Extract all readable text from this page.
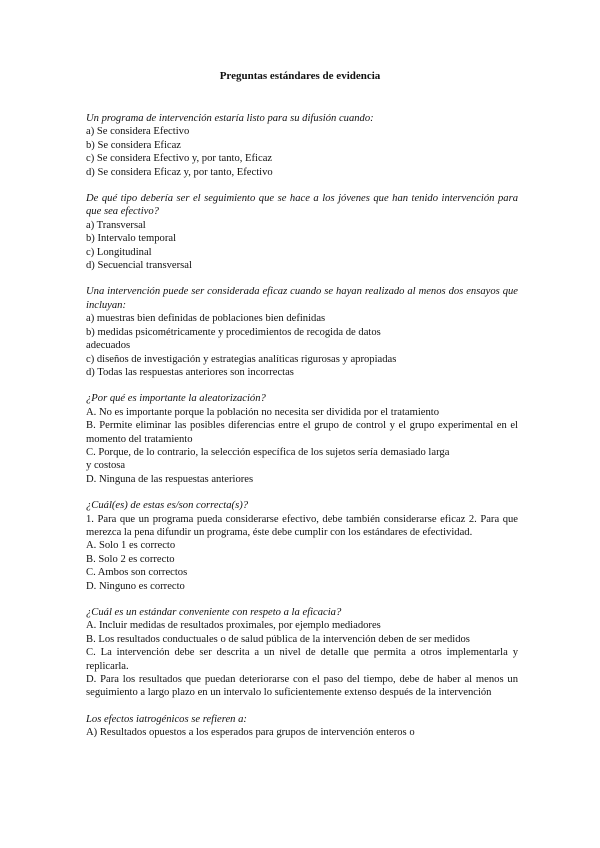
Preguntas estándares de evidencia
Un programa de intervención estaría listo para su difusión cuando:
a) Se considera Efectivo
b) Se considera Eficaz
c) Se considera Efectivo y, por tanto, Eficaz
d) Se considera Eficaz y, por tanto, Efectivo
De qué tipo debería ser el seguimiento que se hace a los jóvenes que han tenido intervención para que sea efectivo?
a) Transversal
b) Intervalo temporal
c) Longitudinal
d) Secuencial transversal
Una intervención puede ser considerada eficaz cuando se hayan realizado al menos dos ensayos que incluyan:
a) muestras bien definidas de poblaciones bien definidas
b) medidas psicométricamente y procedimientos de recogida de datos
adecuados
c) diseños de investigación y estrategias analíticas rigurosas y apropiadas
d) Todas las respuestas anteriores son incorrectas
¿Por qué es importante la aleatorización?
A. No es importante porque la población no necesita ser dividida por el tratamiento
B. Permite eliminar las posibles diferencias entre el grupo de control y el grupo experimental en el momento del tratamiento
C. Porque, de lo contrario, la selección específica de los sujetos sería demasiado larga
y costosa
D. Ninguna de las respuestas anteriores
¿Cuál(es) de estas es/son correcta(s)?
1. Para que un programa pueda considerarse efectivo, debe también considerarse eficaz 2. Para que merezca la pena difundir un programa, éste debe cumplir con los estándares de efectividad.
A. Solo 1 es correcto
B. Solo 2 es correcto
C. Ambos son correctos
D. Ninguno es correcto
¿Cuál es un estándar conveniente con respeto a la eficacia?
A. Incluir medidas de resultados proximales, por ejemplo mediadores
B. Los resultados conductuales o de salud pública de la intervención deben de ser medidos
C. La intervención debe ser descrita a un nivel de detalle que permita a otros implementarla y replicarla.
D. Para los resultados que puedan deteriorarse con el paso del tiempo, debe de haber al menos un seguimiento a largo plazo en un intervalo lo suficientemente extenso después de la intervención
Los efectos iatrogénicos se refieren a:
A) Resultados opuestos a los esperados para grupos de intervención enteros o
